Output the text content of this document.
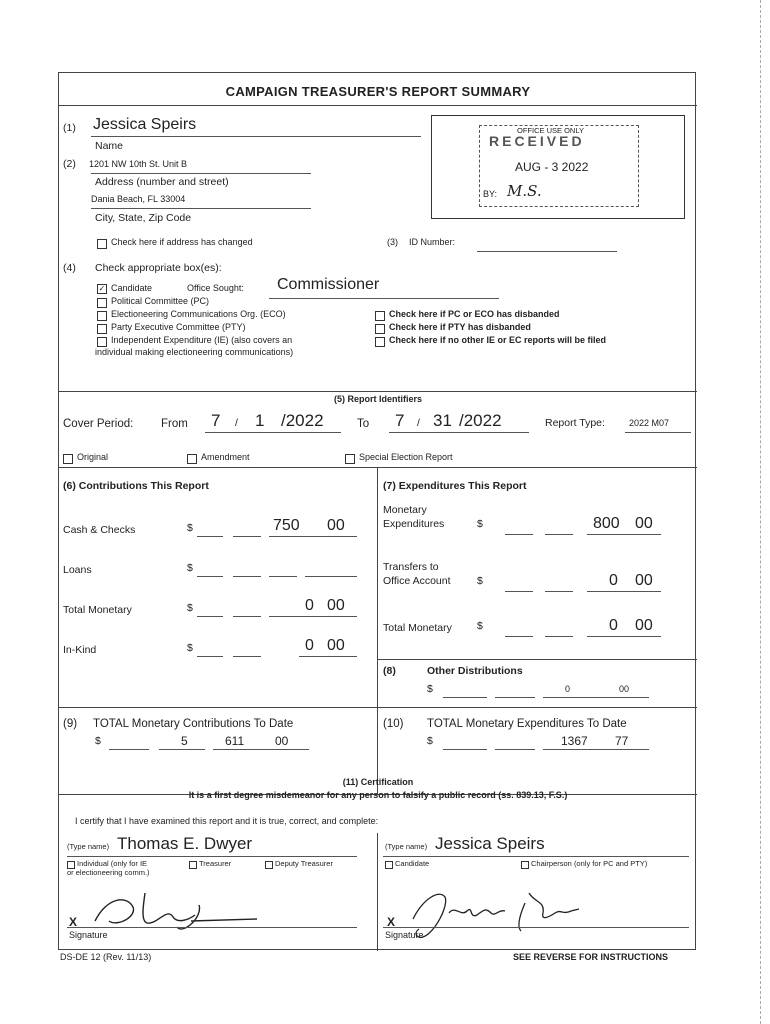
CAMPAIGN TREASURER'S REPORT SUMMARY
(1) Jessica Speirs
Name
(2) 1201 NW 10th St. Unit B
Address (number and street)
Dania Beach, FL 33004
City, State, Zip Code
Check here if address has changed	(3) ID Number:
OFFICE USE ONLY
RECEIVED
AUG - 3 2022
BY: M.S.
(4) Check appropriate box(es):
✓ Candidate	Office Sought: Commissioner
Political Committee (PC)
Electioneering Communications Org. (ECO)
Party Executive Committee (PTY)
Independent Expenditure (IE) (also covers an
individual making electioneering communications)
Check here if PC or ECO has disbanded
Check here if PTY has disbanded
Check here if no other IE or EC reports will be filed
(5) Report Identifiers
Cover Period: From 7 / 1 /2022	To 7 / 31 /2022	Report Type:	2022 M07
Original	Amendment	Special Election Report
(6) Contributions This Report
Cash & Checks	$	750 00
Loans	$
Total Monetary	$	0 00
In-Kind	$	0 00
(7) Expenditures This Report
Monetary
Expenditures	$	800 00
Transfers to
Office Account	$	0 00
Total Monetary $	0 00
(8)	Other Distributions
$	0	00
(9) TOTAL Monetary Contributions To Date
$	5	611	00
(10) TOTAL Monetary Expenditures To Date
$	1367 77
(11) Certification
It is a first degree misdemeanor for any person to falsify a public record (ss. 839.13, F.S.)
I certify that I have examined this report and it is true, correct, and complete:
(Type name) Thomas E. Dwyer
Individual (only for IE
or electioneering comm.)
Treasurer	Deputy Treasurer
X
Signature
(Type name) Jessica Speirs
Candidate	Chairperson (only for PC and PTY)
X
Signature
DS-DE 12 (Rev. 11/13)	SEE REVERSE FOR INSTRUCTIONS
